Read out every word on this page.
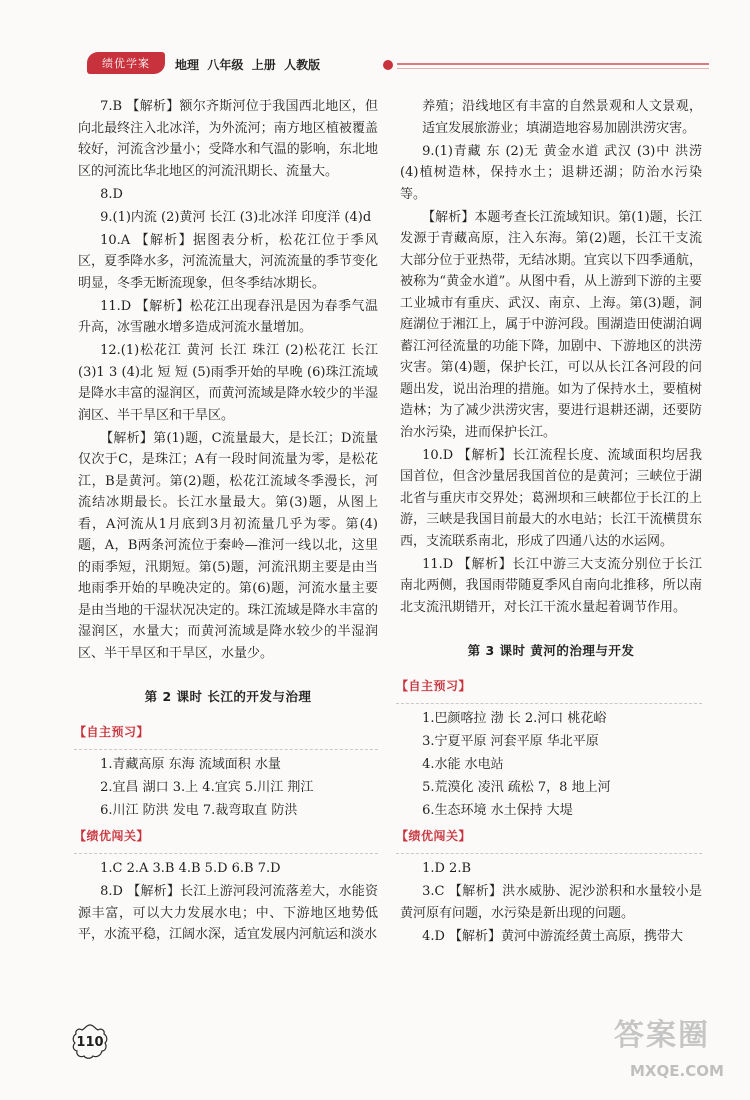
绩优学案	地理  八年级  上册  人教版

7.B 【解析】额尔齐斯河位于我国西北地区，但向北最终注入北冰洋，为外流河；南方地区植被覆盖较好，河流含沙量小；受降水和气温的影响，东北地区的河流比华北地区的河流汛期长、流量大。

8.D

9.(1)内流 (2)黄河 长江 (3)北冰洋 印度洋 (4)d

10.A 【解析】据图表分析，松花江位于季风区，夏季降水多，河流流量大，河流流量的季节变化明显，冬季无断流现象，但冬季结冰期长。

11.D 【解析】松花江出现春汛是因为春季气温升高，冰雪融水增多造成河流水量增加。

12.(1)松花江 黄河 长江 珠江 (2)松花江 长江 (3)1 3 (4)北 短 短 (5)雨季开始的早晚 (6)珠江流域是降水丰富的湿润区，而黄河流域是降水较少的半湿润区、半干旱区和干旱区。

【解析】第(1)题，C流量最大，是长江；D流量仅次于C，是珠江；A有一段时间流量为零，是松花江，B是黄河。第(2)题，松花江流域冬季漫长，河流结冰期最长。长江水量最大。第(3)题，从图上看，A河流从1月底到3月初流量几乎为零。第(4)题，A，B两条河流位于秦岭—淮河一线以北，这里的雨季短，汛期短。第(5)题，河流汛期主要是由当地雨季开始的早晚决定的。第(6)题，河流水量主要是由当地的干湿状况决定的。珠江流域是降水丰富的湿润区，水量大；而黄河流域是降水较少的半湿润区、半干旱区和干旱区，水量少。

第 2 课时 长江的开发与治理
【 自主预习 】

1.青藏高原 东海 流域面积 水量

2.宜昌 湖口 3.上 4.宜宾 5.川江 荆江

6.川江 防洪 发电 7.裁弯取直 防洪

【 绩优闯关 】

1.C 2.A 3.B 4.B 5.D 6.B 7.D

8.D 【解析】长江上游河段河流落差大，水能资源丰富，可以大力发展水电；中、下游地区地势低平，水流平稳，江阔水深，适宜发展内河航运和淡水

养殖；沿线地区有丰富的自然景观和人文景观，适宜发展旅游业；填湖造地容易加剧洪涝灾害。

9.(1)青藏 东 (2)无 黄金水道 武汉 (3)中 洪涝 (4)植树造林，保持水土；退耕还湖；防治水污染等。

【解析】本题考查长江流域知识。第(1)题，长江发源于青藏高原，注入东海。第(2)题，长江干支流大部分位于亚热带，无结冰期。宜宾以下四季通航，被称为“黄金水道”。从图中看，从上游到下游的主要工业城市有重庆、武汉、南京、上海。第(3)题，洞庭湖位于湘江上，属于中游河段。围湖造田使湖泊调蓄江河径流量的功能下降，加剧中、下游地区的洪涝灾害。第(4)题，保护长江，可以从长江各河段的问题出发，说出治理的措施。如为了保持水土，要植树造林；为了减少洪涝灾害，要进行退耕还湖，还要防治水污染，进而保护长江。

10.D 【解析】长江流程长度、流域面积均居我国首位，但含沙量居我国首位的是黄河；三峡位于湖北省与重庆市交界处；葛洲坝和三峡都位于长江的上游，三峡是我国目前最大的水电站；长江干流横贯东西，支流联系南北，形成了四通八达的水运网。

11.D 【解析】长江中游三大支流分别位于长江南北两侧，我国雨带随夏季风自南向北推移，所以南北支流汛期错开，对长江干流水量起着调节作用。

第 3 课时 黄河的治理与开发
【 自主预习 】

1.巴颜喀拉 渤 长 2.河口 桃花峪

3.宁夏平原 河套平原 华北平原

4.水能 水电站

5.荒漠化 凌汛 疏松 7，8 地上河

6.生态环境 水土保持 大堤

【 绩优闯关 】

1.D 2.B

3.C 【解析】洪水威胁、泥沙淤积和水量较小是黄河原有问题，水污染是新出现的问题。

4.D 【解析】黄河中游流经黄土高原，携带大

110	答案圈
MXQE.COM
